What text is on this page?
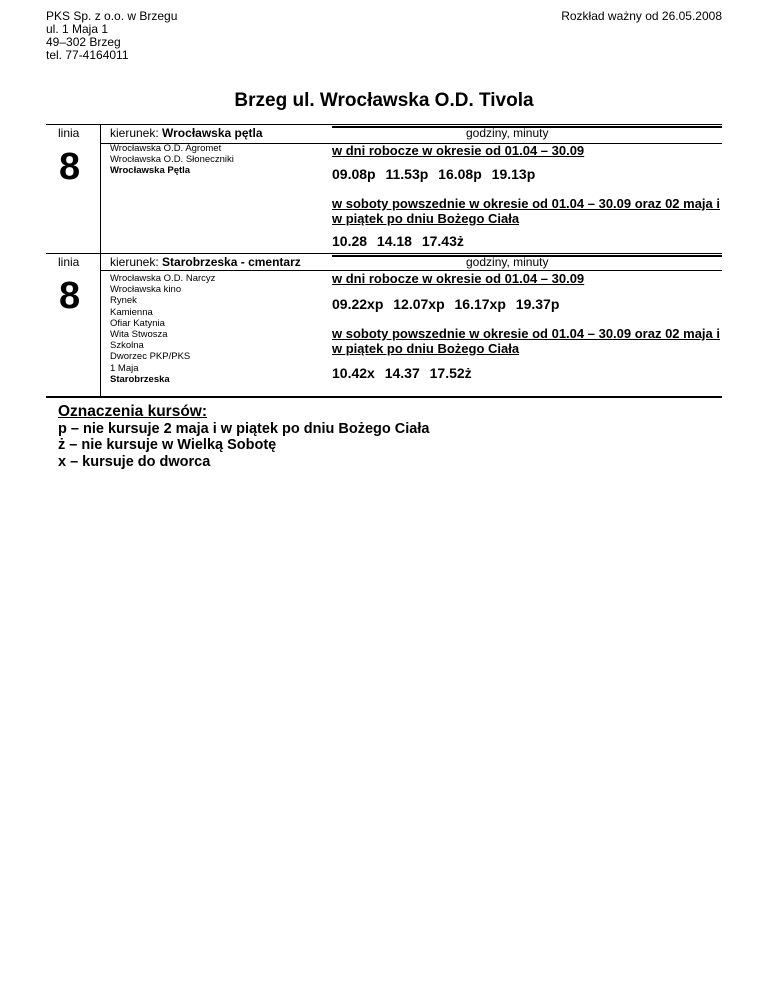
PKS Sp. z o.o. w Brzegu
ul. 1 Maja 1
49–302 Brzeg
tel. 77-4164011
Rozkład ważny od 26.05.2008
Brzeg ul. Wrocławska O.D. Tivola
linia
8
kierunek: Wrocławska pętla	godziny, minuty
Wrocławska O.D. Agromet
Wrocławska O.D. Słoneczniki
Wrocławska Pętla
w dni robocze w okresie od 01.04 – 30.09
09.08p 11.53p 16.08p 19.13p
w soboty powszednie w okresie od 01.04 – 30.09 oraz 02 maja i w piątek po dniu Bożego Ciała
10.28 14.18 17.43ż
linia
8
kierunek: Starobrzeska - cmentarz	godziny, minuty
Wrocławska O.D. Narcyz
Wrocławska kino
Rynek
Kamienna
Ofiar Katynia
Wita Stwosza
Szkolna
Dworzec PKP/PKS
1 Maja
Starobrzeska
w dni robocze w okresie od 01.04 – 30.09
09.22xp 12.07xp 16.17xp 19.37p
w soboty powszednie w okresie od 01.04 – 30.09 oraz 02 maja i w piątek po dniu Bożego Ciała
10.42x 14.37 17.52ż
Oznaczenia kursów:
p – nie kursuje 2 maja i w piątek po dniu Bożego Ciała
ż – nie kursuje w Wielką Sobotę
x – kursuje do dworca
